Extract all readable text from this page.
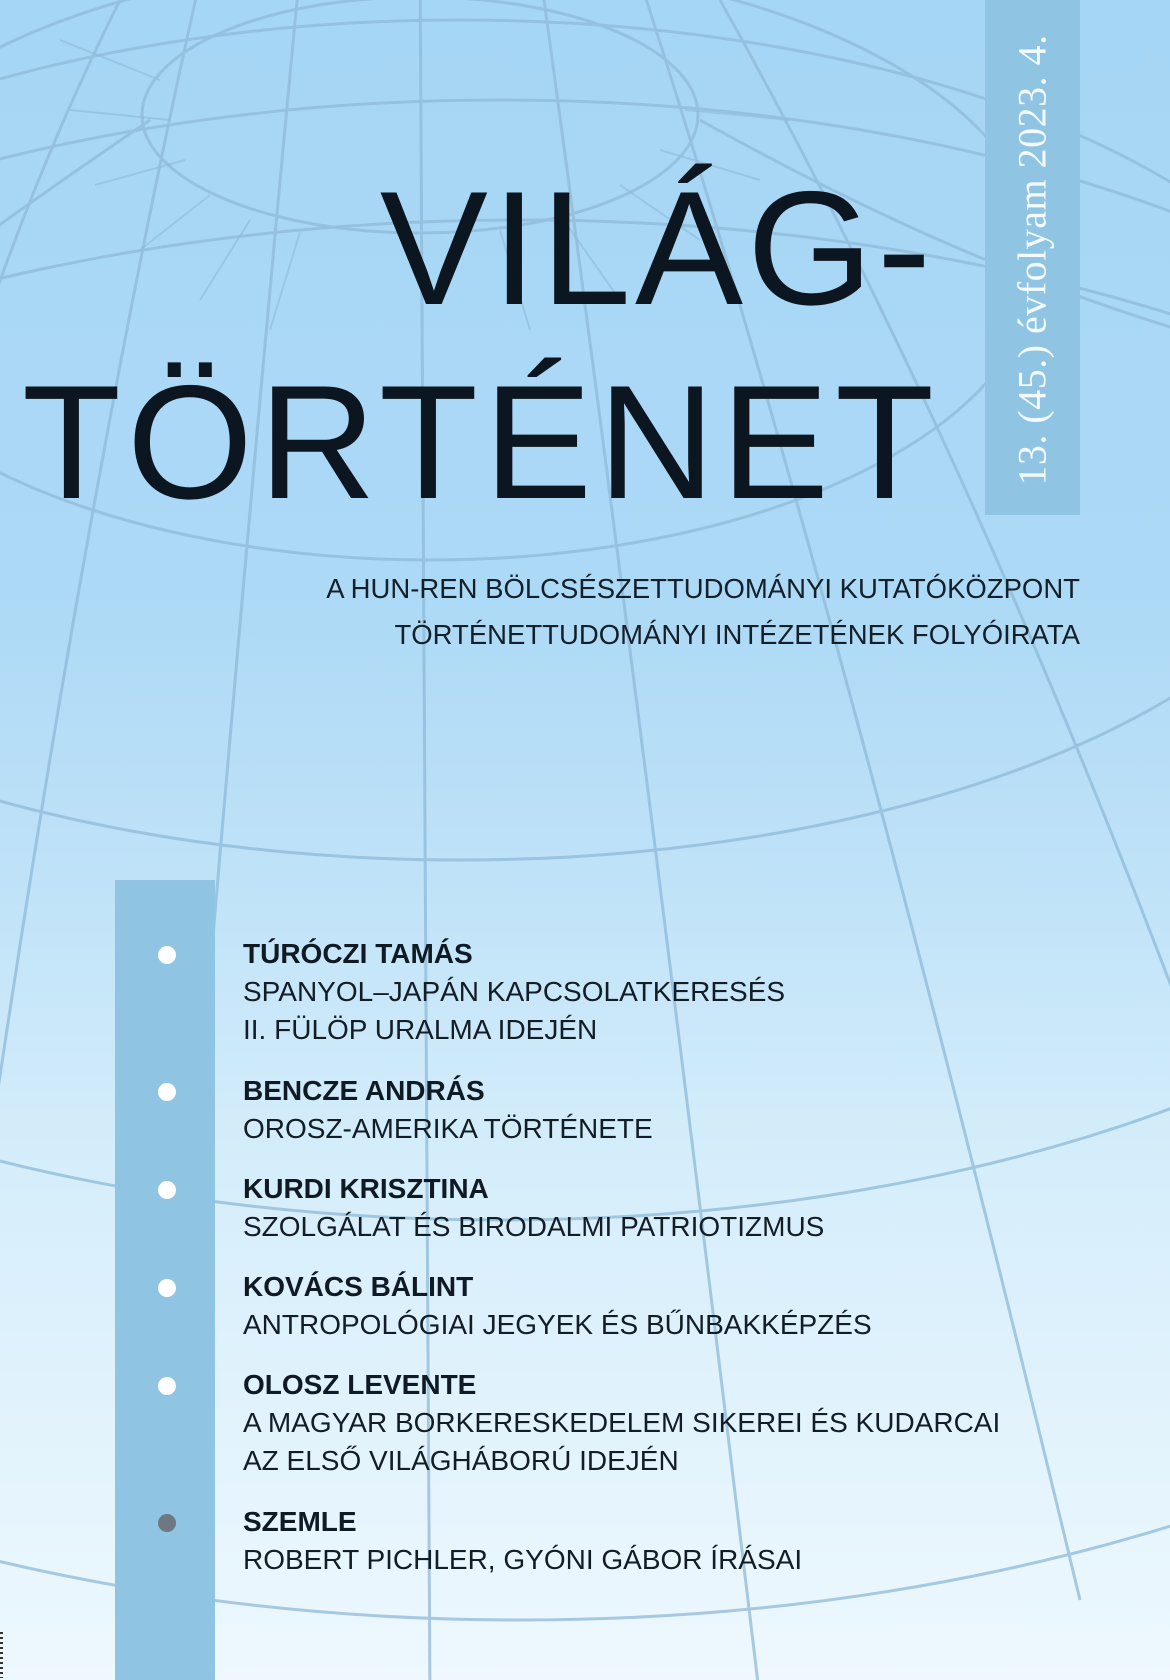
13. (45.) évfolyam 2023. 4.
VILÁG-
TÖRTÉNET
A HUN-REN BÖLCSÉSZETTUDOMÁNYI KUTATÓKÖZPONT
TÖRTÉNETTUDOMÁNYI INTÉZETÉNEK FOLYÓIRATA
TÚRÓCZI TAMÁS
SPANYOL–JAPÁN KAPCSOLATKERESÉS
II. FÜLÖP URALMA IDEJÉN
BENCZE ANDRÁS
OROSZ-AMERIKA TÖRTÉNETE
KURDI KRISZTINA
SZOLGÁLAT ÉS BIRODALMI PATRIOTIZMUS
KOVÁCS BÁLINT
ANTROPOLÓGIAI JEGYEK ÉS BŰNBAKKÉPZÉS
OLOSZ LEVENTE
A MAGYAR BORKERESKEDELEM SIKEREI ÉS KUDARCAI
AZ ELSŐ VILÁGHÁBORÚ IDEJÉN
SZEMLE
ROBERT PICHLER, GYÓNI GÁBOR ÍRÁSAI
